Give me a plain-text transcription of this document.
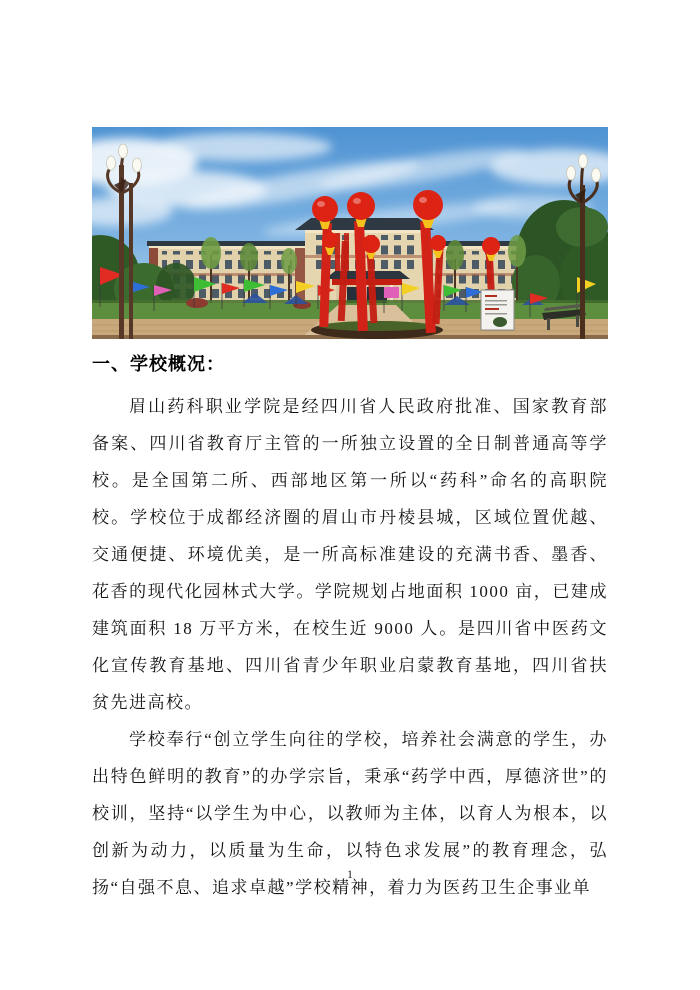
一、学校概况：

眉山药科职业学院是经四川省人民政府批准、国家教育部备案、四川省教育厅主管的一所独立设置的全日制普通高等学校。是全国第二所、西部地区第一所以“药科”命名的高职院校。学校位于成都经济圈的眉山市丹棱县城，区域位置优越、交通便捷、环境优美，是一所高标准建设的充满书香、墨香、花香的现代化园林式大学。学院规划占地面积 1000 亩，已建成建筑面积 18 万平方米，在校生近 9000 人。是四川省中医药文化宣传教育基地、四川省青少年职业启蒙教育基地，四川省扶贫先进高校。

学校奉行“创立学生向往的学校，培养社会满意的学生，办出特色鲜明的教育”的办学宗旨，秉承“药学中西，厚德济世”的校训，坚持“以学生为中心，以教师为主体，以育人为根本，以创新为动力，以质量为生命，以特色求发展”的教育理念，弘扬“自强不息、追求卓越”学校精神，着力为医药卫生企事业单

1
